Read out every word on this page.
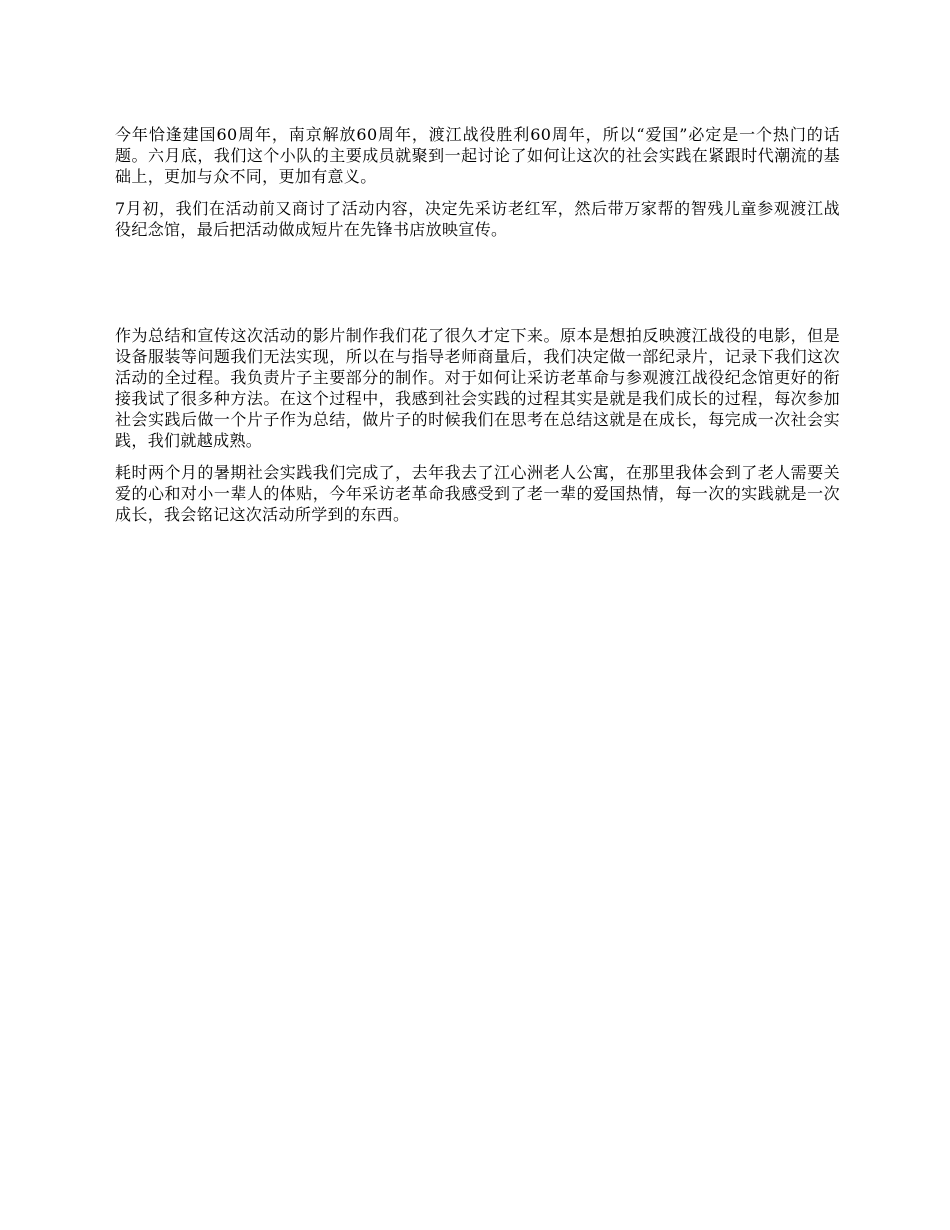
今年恰逢建国60周年，南京解放60周年，渡江战役胜利60周年，所以“爱国”必定是一个热门的话题。六月底，我们这个小队的主要成员就聚到一起讨论了如何让这次的社会实践在紧跟时代潮流的基础上，更加与众不同，更加有意义。

7月初，我们在活动前又商讨了活动内容，决定先采访老红军，然后带万家帮的智残儿童参观渡江战役纪念馆，最后把活动做成短片在先锋书店放映宣传。

作为总结和宣传这次活动的影片制作我们花了很久才定下来。原本是想拍反映渡江战役的电影，但是设备服装等问题我们无法实现，所以在与指导老师商量后，我们决定做一部纪录片，记录下我们这次活动的全过程。我负责片子主要部分的制作。对于如何让采访老革命与参观渡江战役纪念馆更好的衔接我试了很多种方法。在这个过程中，我感到社会实践的过程其实是就是我们成长的过程，每次参加社会实践后做一个片子作为总结，做片子的时候我们在思考在总结这就是在成长，每完成一次社会实践，我们就越成熟。

耗时两个月的暑期社会实践我们完成了，去年我去了江心洲老人公寓，在那里我体会到了老人需要关爱的心和对小一辈人的体贴，今年采访老革命我感受到了老一辈的爱国热情，每一次的实践就是一次成长，我会铭记这次活动所学到的东西。
